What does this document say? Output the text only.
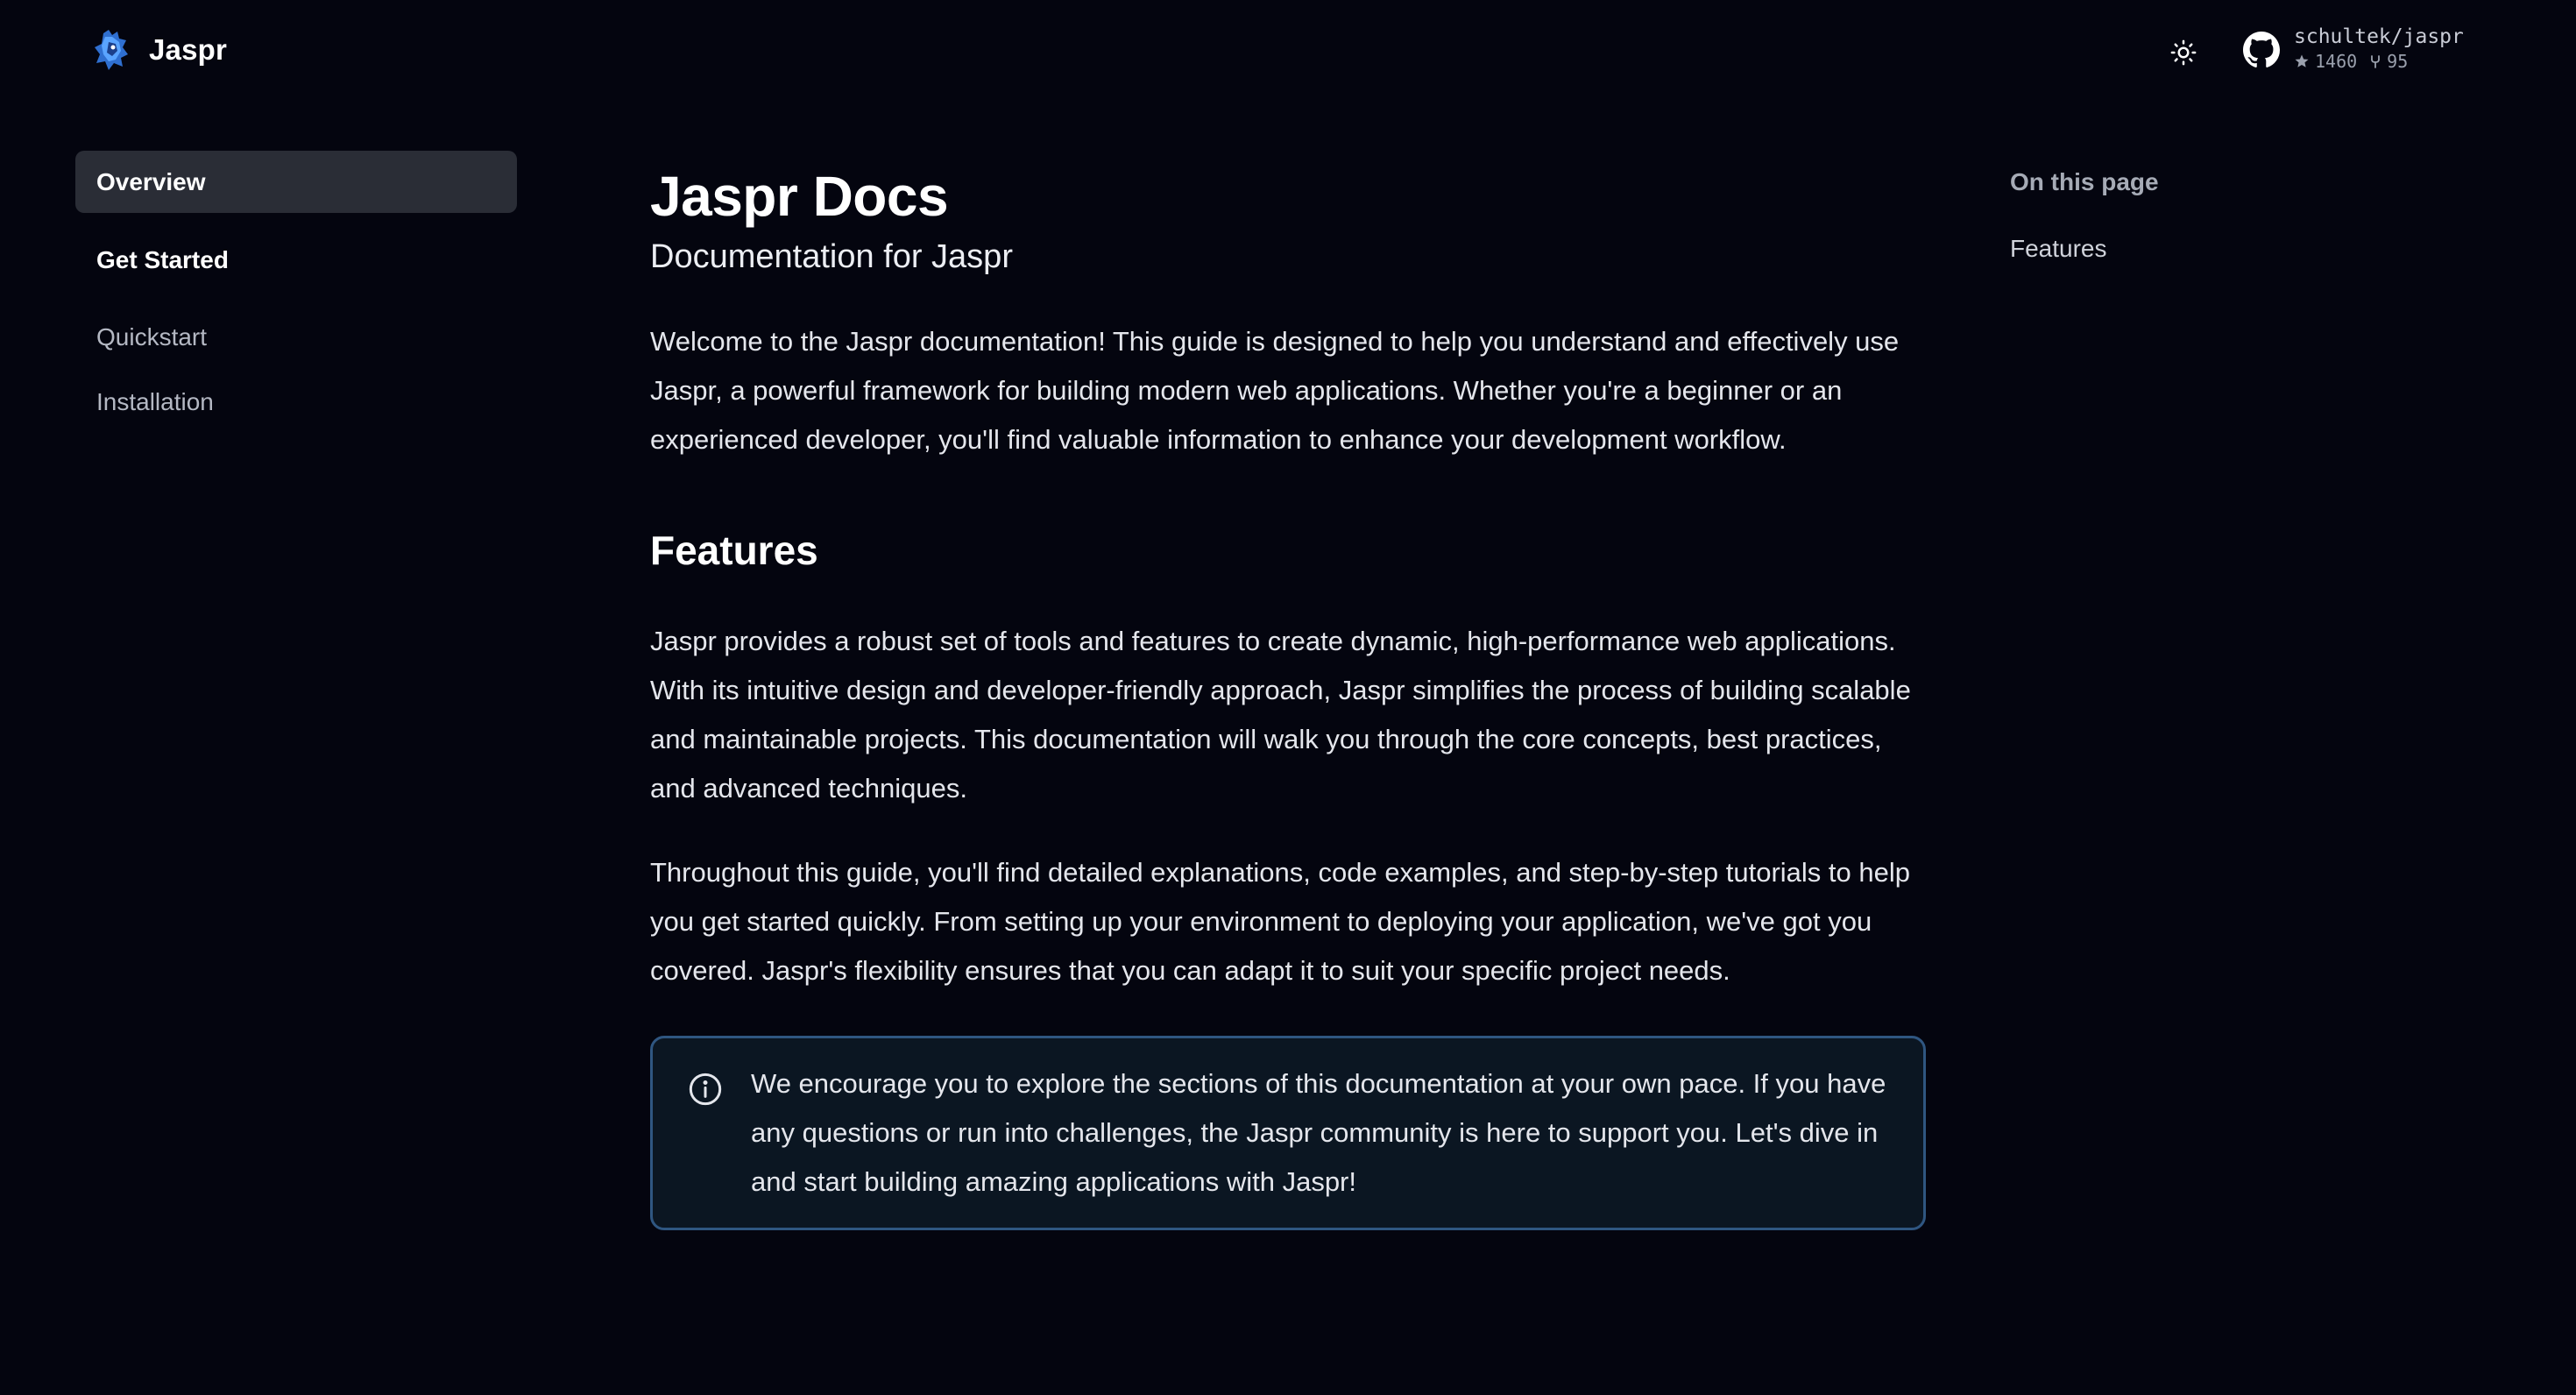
Jaspr	schultek/jaspr
1460 95
Overview
Get Started
Quickstart
Installation
Jaspr Docs

Documentation for Jaspr

Welcome to the Jaspr documentation! This guide is designed to help you understand and effectively use Jaspr, a powerful framework for building modern web applications. Whether you're a beginner or an experienced developer, you'll find valuable information to enhance your development workflow.

Features

Jaspr provides a robust set of tools and features to create dynamic, high-performance web applications. With its intuitive design and developer-friendly approach, Jaspr simplifies the process of building scalable and maintainable projects. This documentation will walk you through the core concepts, best practices, and advanced techniques.

Throughout this guide, you'll find detailed explanations, code examples, and step-by-step tutorials to help you get started quickly. From setting up your environment to deploying your application, we've got you covered. Jaspr's flexibility ensures that you can adapt it to suit your specific project needs.

We encourage you to explore the sections of this documentation at your own pace. If you have any questions or run into challenges, the Jaspr community is here to support you. Let's dive in and start building amazing applications with Jaspr!

On this page
Features
